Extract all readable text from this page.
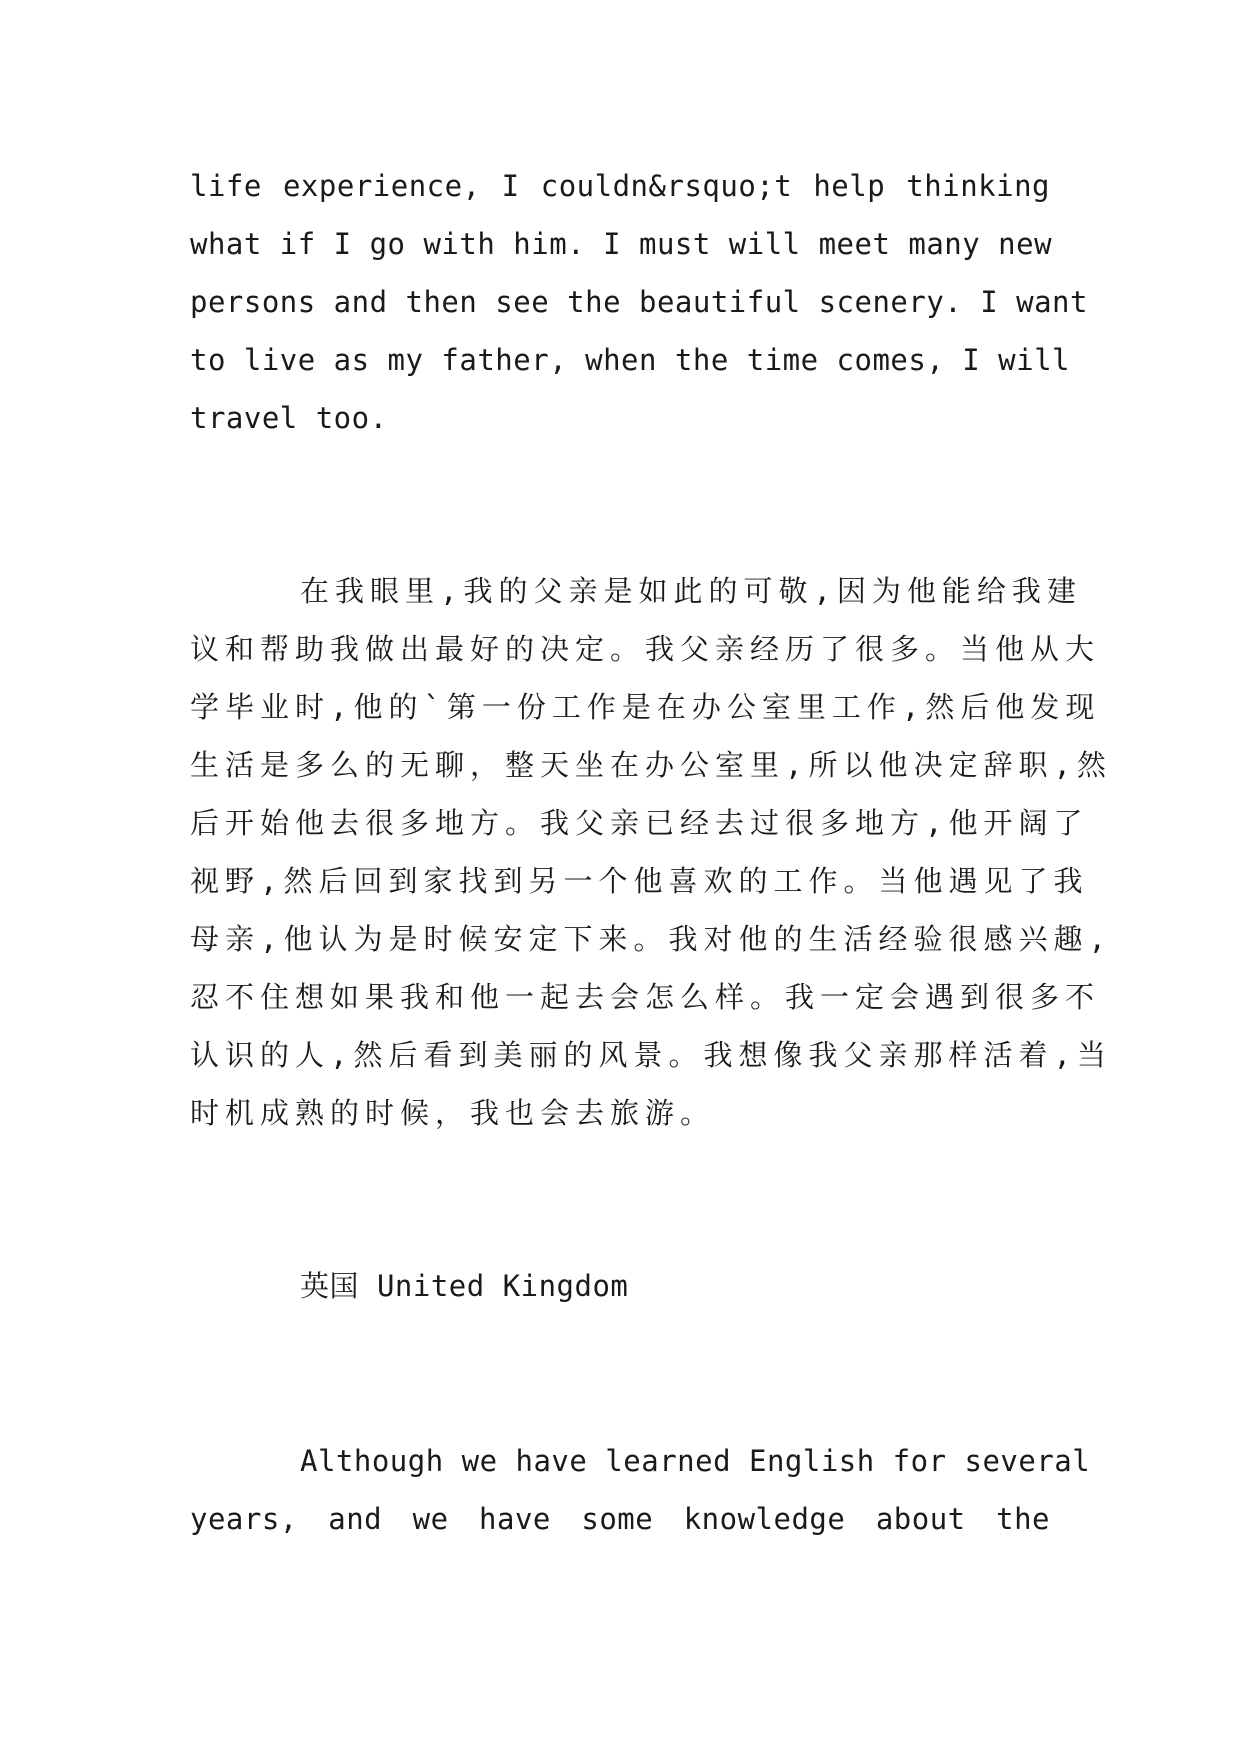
life experience, I couldn&rsquo;t help thinking
what if I go with him. I must will meet many new
persons and then see the beautiful scenery. I want
to live as my father, when the time comes, I will
travel too.
在我眼里,我的父亲是如此的可敬,因为他能给我建
议和帮助我做出最好的决定。我父亲经历了很多。当他从大
学毕业时,他的`第一份工作是在办公室里工作,然后他发现
生活是多么的无聊，整天坐在办公室里,所以他决定辞职,然
后开始他去很多地方。我父亲已经去过很多地方,他开阔了
视野,然后回到家找到另一个他喜欢的工作。当他遇见了我
母亲,他认为是时候安定下来。我对他的生活经验很感兴趣,
忍不住想如果我和他一起去会怎么样。我一定会遇到很多不
认识的人,然后看到美丽的风景。我想像我父亲那样活着,当
时机成熟的时候，我也会去旅游。
英国 United Kingdom
Although we have learned English for several
years, and we have some knowledge about the
